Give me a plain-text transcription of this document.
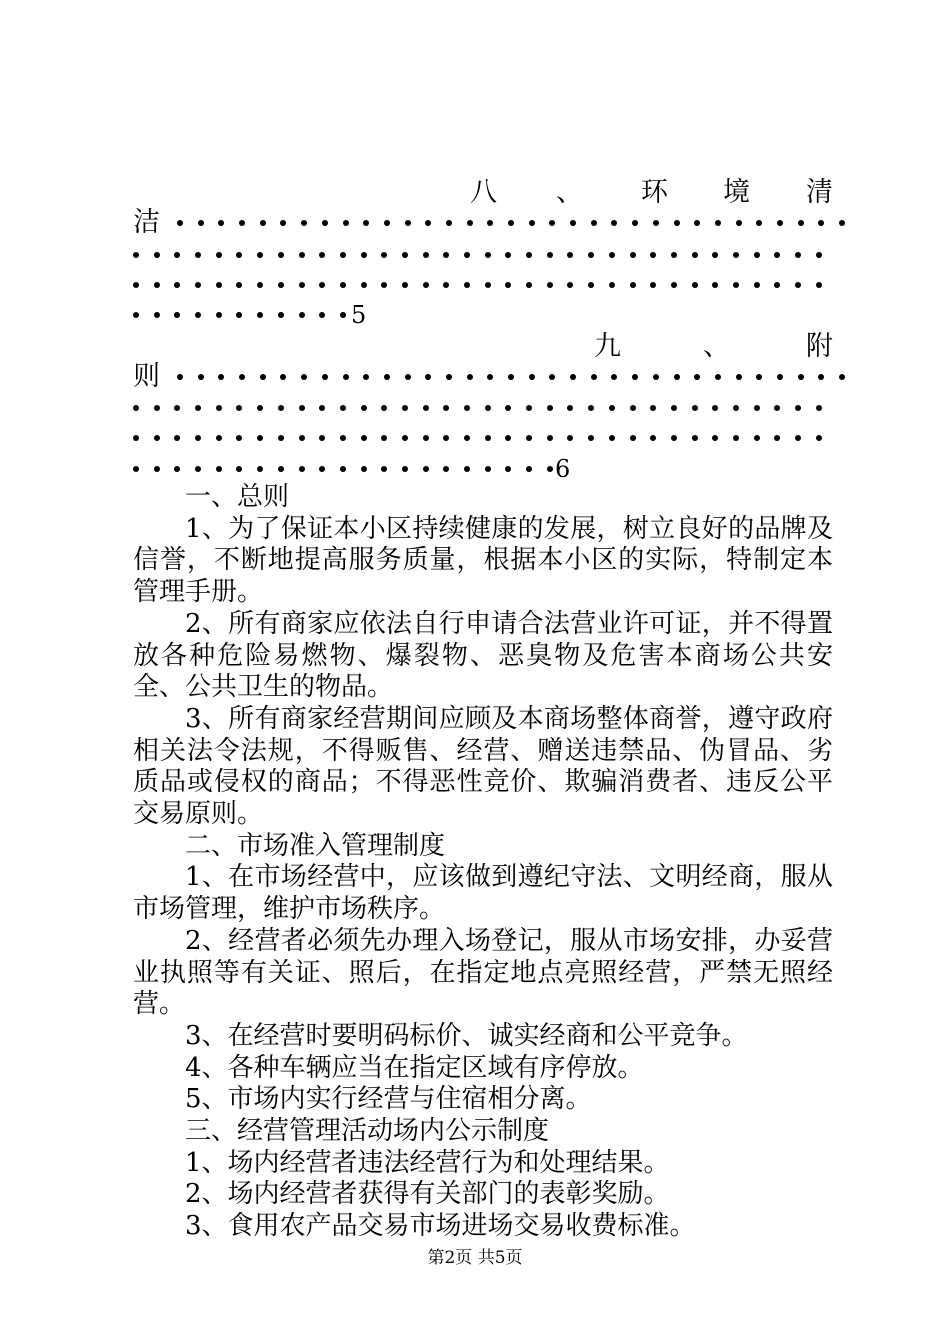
八 、 环 境 清
洁
5
九	、	附
则
6

一、总则

1、为了保证本小区持续健康的发展，树立良好的品牌及信誉，不断地提高服务质量，根据本小区的实际，特制定本管理手册。

2、所有商家应依法自行申请合法营业许可证，并不得置放各种危险易燃物、爆裂物、恶臭物及危害本商场公共安全、公共卫生的物品。

3、所有商家经营期间应顾及本商场整体商誉，遵守政府相关法令法规，不得贩售、经营、赠送违禁品、伪冒品、劣质品或侵权的商品；不得恶性竞价、欺骗消费者、违反公平交易原则。

二、市场准入管理制度

1、在市场经营中，应该做到遵纪守法、文明经商，服从市场管理，维护市场秩序。

2、经营者必须先办理入场登记，服从市场安排，办妥营业执照等有关证、照后，在指定地点亮照经营，严禁无照经营。

3、在经营时要明码标价、诚实经商和公平竞争。

4、各种车辆应当在指定区域有序停放。

5、市场内实行经营与住宿相分离。

三、经营管理活动场内公示制度

1、场内经营者违法经营行为和处理结果。

2、场内经营者获得有关部门的表彰奖励。

3、食用农产品交易市场进场交易收费标准。

第2页 共5页
